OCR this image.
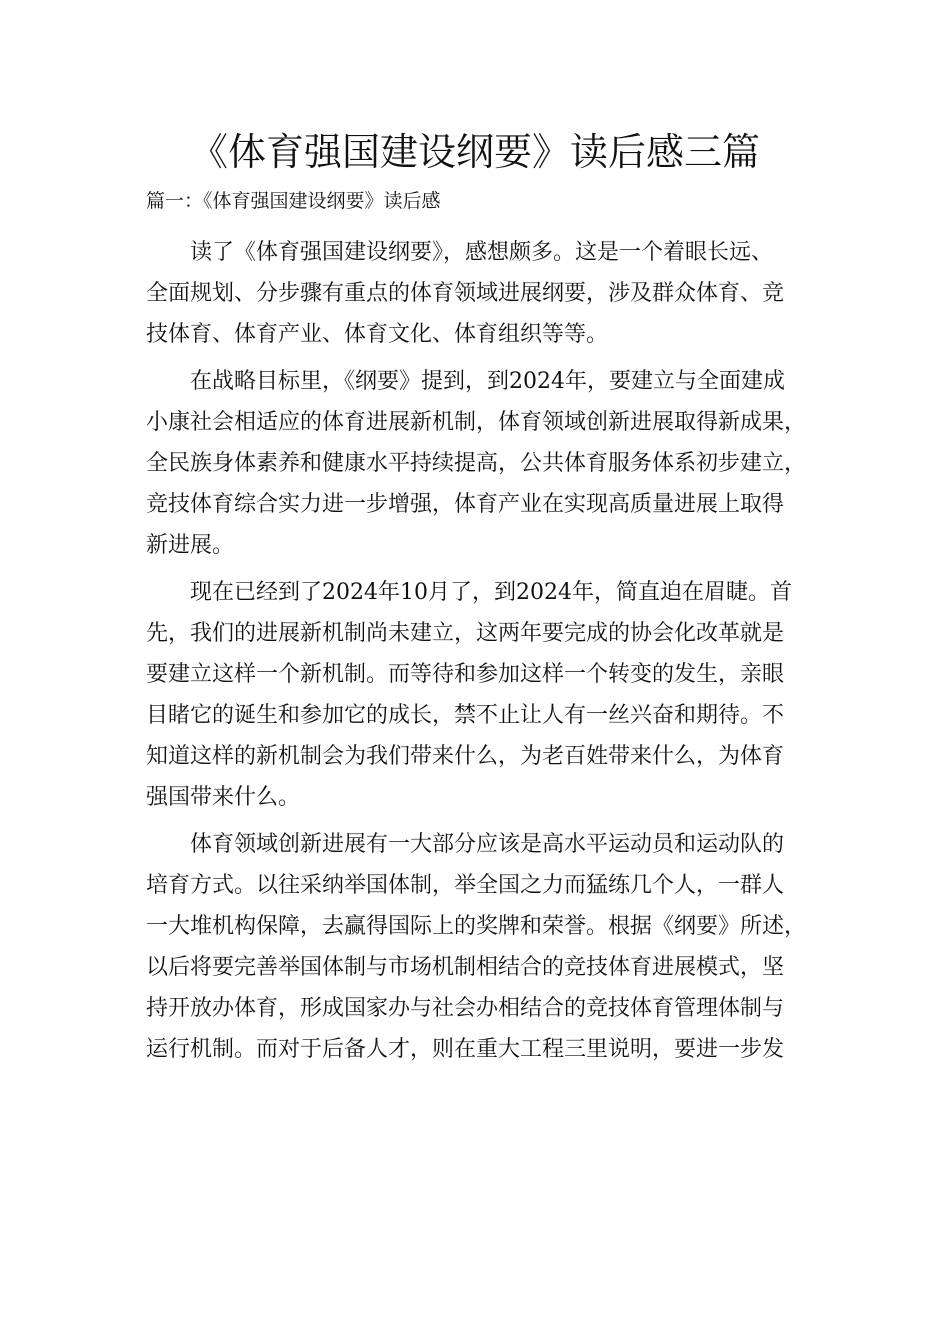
《体育强国建设纲要》读后感三篇

篇一：《体育强国建设纲要》读后感

读了《体育强国建设纲要》，感想颇多。这是一个着眼长远、
全面规划、分步骤有重点的体育领域进展纲要，涉及群众体育、竞
技体育、体育产业、体育文化、体育组织等等。

在战略目标里，《纲要》提到，到2024年，要建立与全面建成
小康社会相适应的体育进展新机制，体育领域创新进展取得新成果，
全民族身体素养和健康水平持续提高，公共体育服务体系初步建立，
竞技体育综合实力进一步增强，体育产业在实现高质量进展上取得
新进展。

现在已经到了2024年10月了，到2024年，简直迫在眉睫。首
先，我们的进展新机制尚未建立，这两年要完成的协会化改革就是
要建立这样一个新机制。而等待和参加这样一个转变的发生，亲眼
目睹它的诞生和参加它的成长，禁不止让人有一丝兴奋和期待。不
知道这样的新机制会为我们带来什么，为老百姓带来什么，为体育
强国带来什么。

体育领域创新进展有一大部分应该是高水平运动员和运动队的
培育方式。以往采纳举国体制，举全国之力而猛练几个人，一群人
一大堆机构保障，去赢得国际上的奖牌和荣誉。根据《纲要》所述，
以后将要完善举国体制与市场机制相结合的竞技体育进展模式，坚
持开放办体育，形成国家办与社会办相结合的竞技体育管理体制与
运行机制。而对于后备人才，则在重大工程三里说明，要进一步发
